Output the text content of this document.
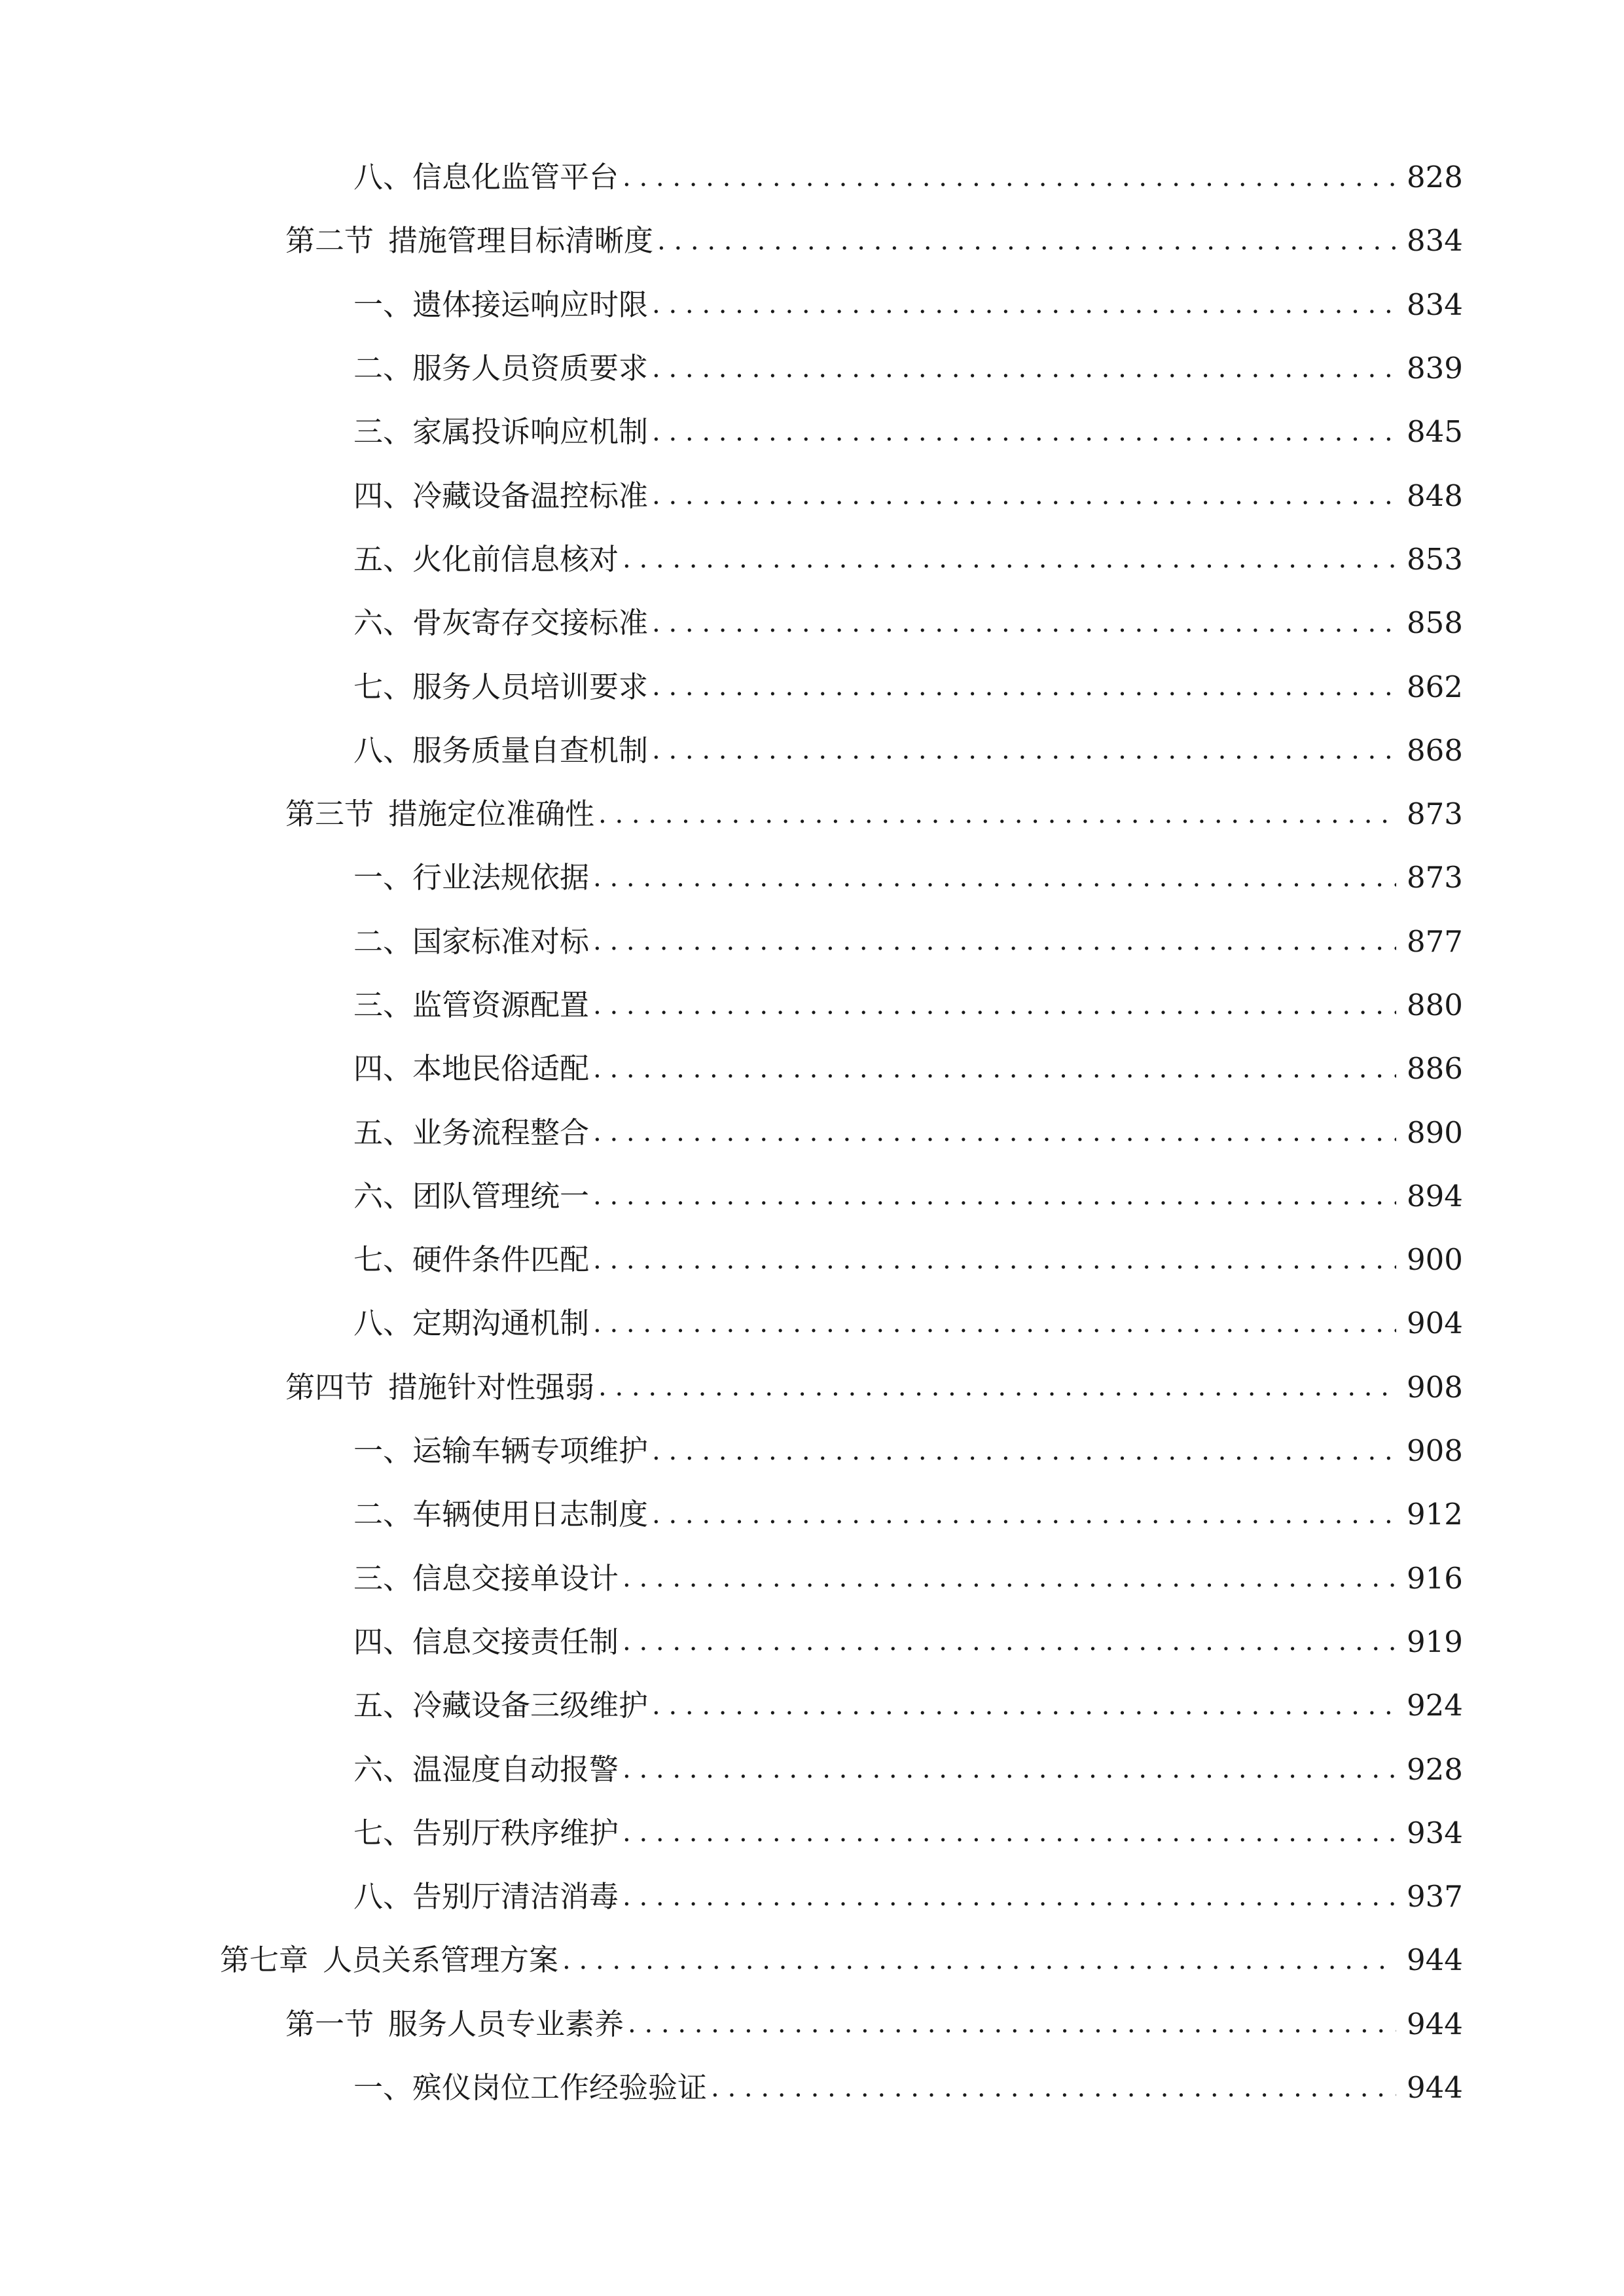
八、 信息化监管平台 . . .	828
第二节 措施管理目标清晰度 . . .	834
一、 遗体接运响应时限 . . .	834
二、 服务人员资质要求 . . .	839
三、 家属投诉响应机制 . . .	845
四、 冷藏设备温控标准 . . .	848
五、 火化前信息核对 . . .	853
六、 骨灰寄存交接标准 . . .	858
七、 服务人员培训要求 . . .	862
八、 服务质量自查机制 . . .	868
第三节 措施定位准确性 . . .	873
一、 行业法规依据 . . .	873
二、 国家标准对标 . . .	877
三、 监管资源配置 . . .	880
四、 本地民俗适配 . . .	886
五、 业务流程整合 . . .	890
六、 团队管理统一 . . .	894
七、 硬件条件匹配 . . .	900
八、 定期沟通机制 . . .	904
第四节 措施针对性强弱 . . .	908
一、 运输车辆专项维护 . . .	908
二、 车辆使用日志制度 . . .	912
三、 信息交接单设计 . . .	916
四、 信息交接责任制 . . .	919
五、 冷藏设备三级维护 . . .	924
六、 温湿度自动报警 . . .	928
七、 告别厅秩序维护 . . .	934
八、 告别厅清洁消毒 . . .	937
第七章 人员关系管理方案 . . .	944
第一节 服务人员专业素养 . . .	944
一、 殡仪岗位工作经验验证 . . .	944
